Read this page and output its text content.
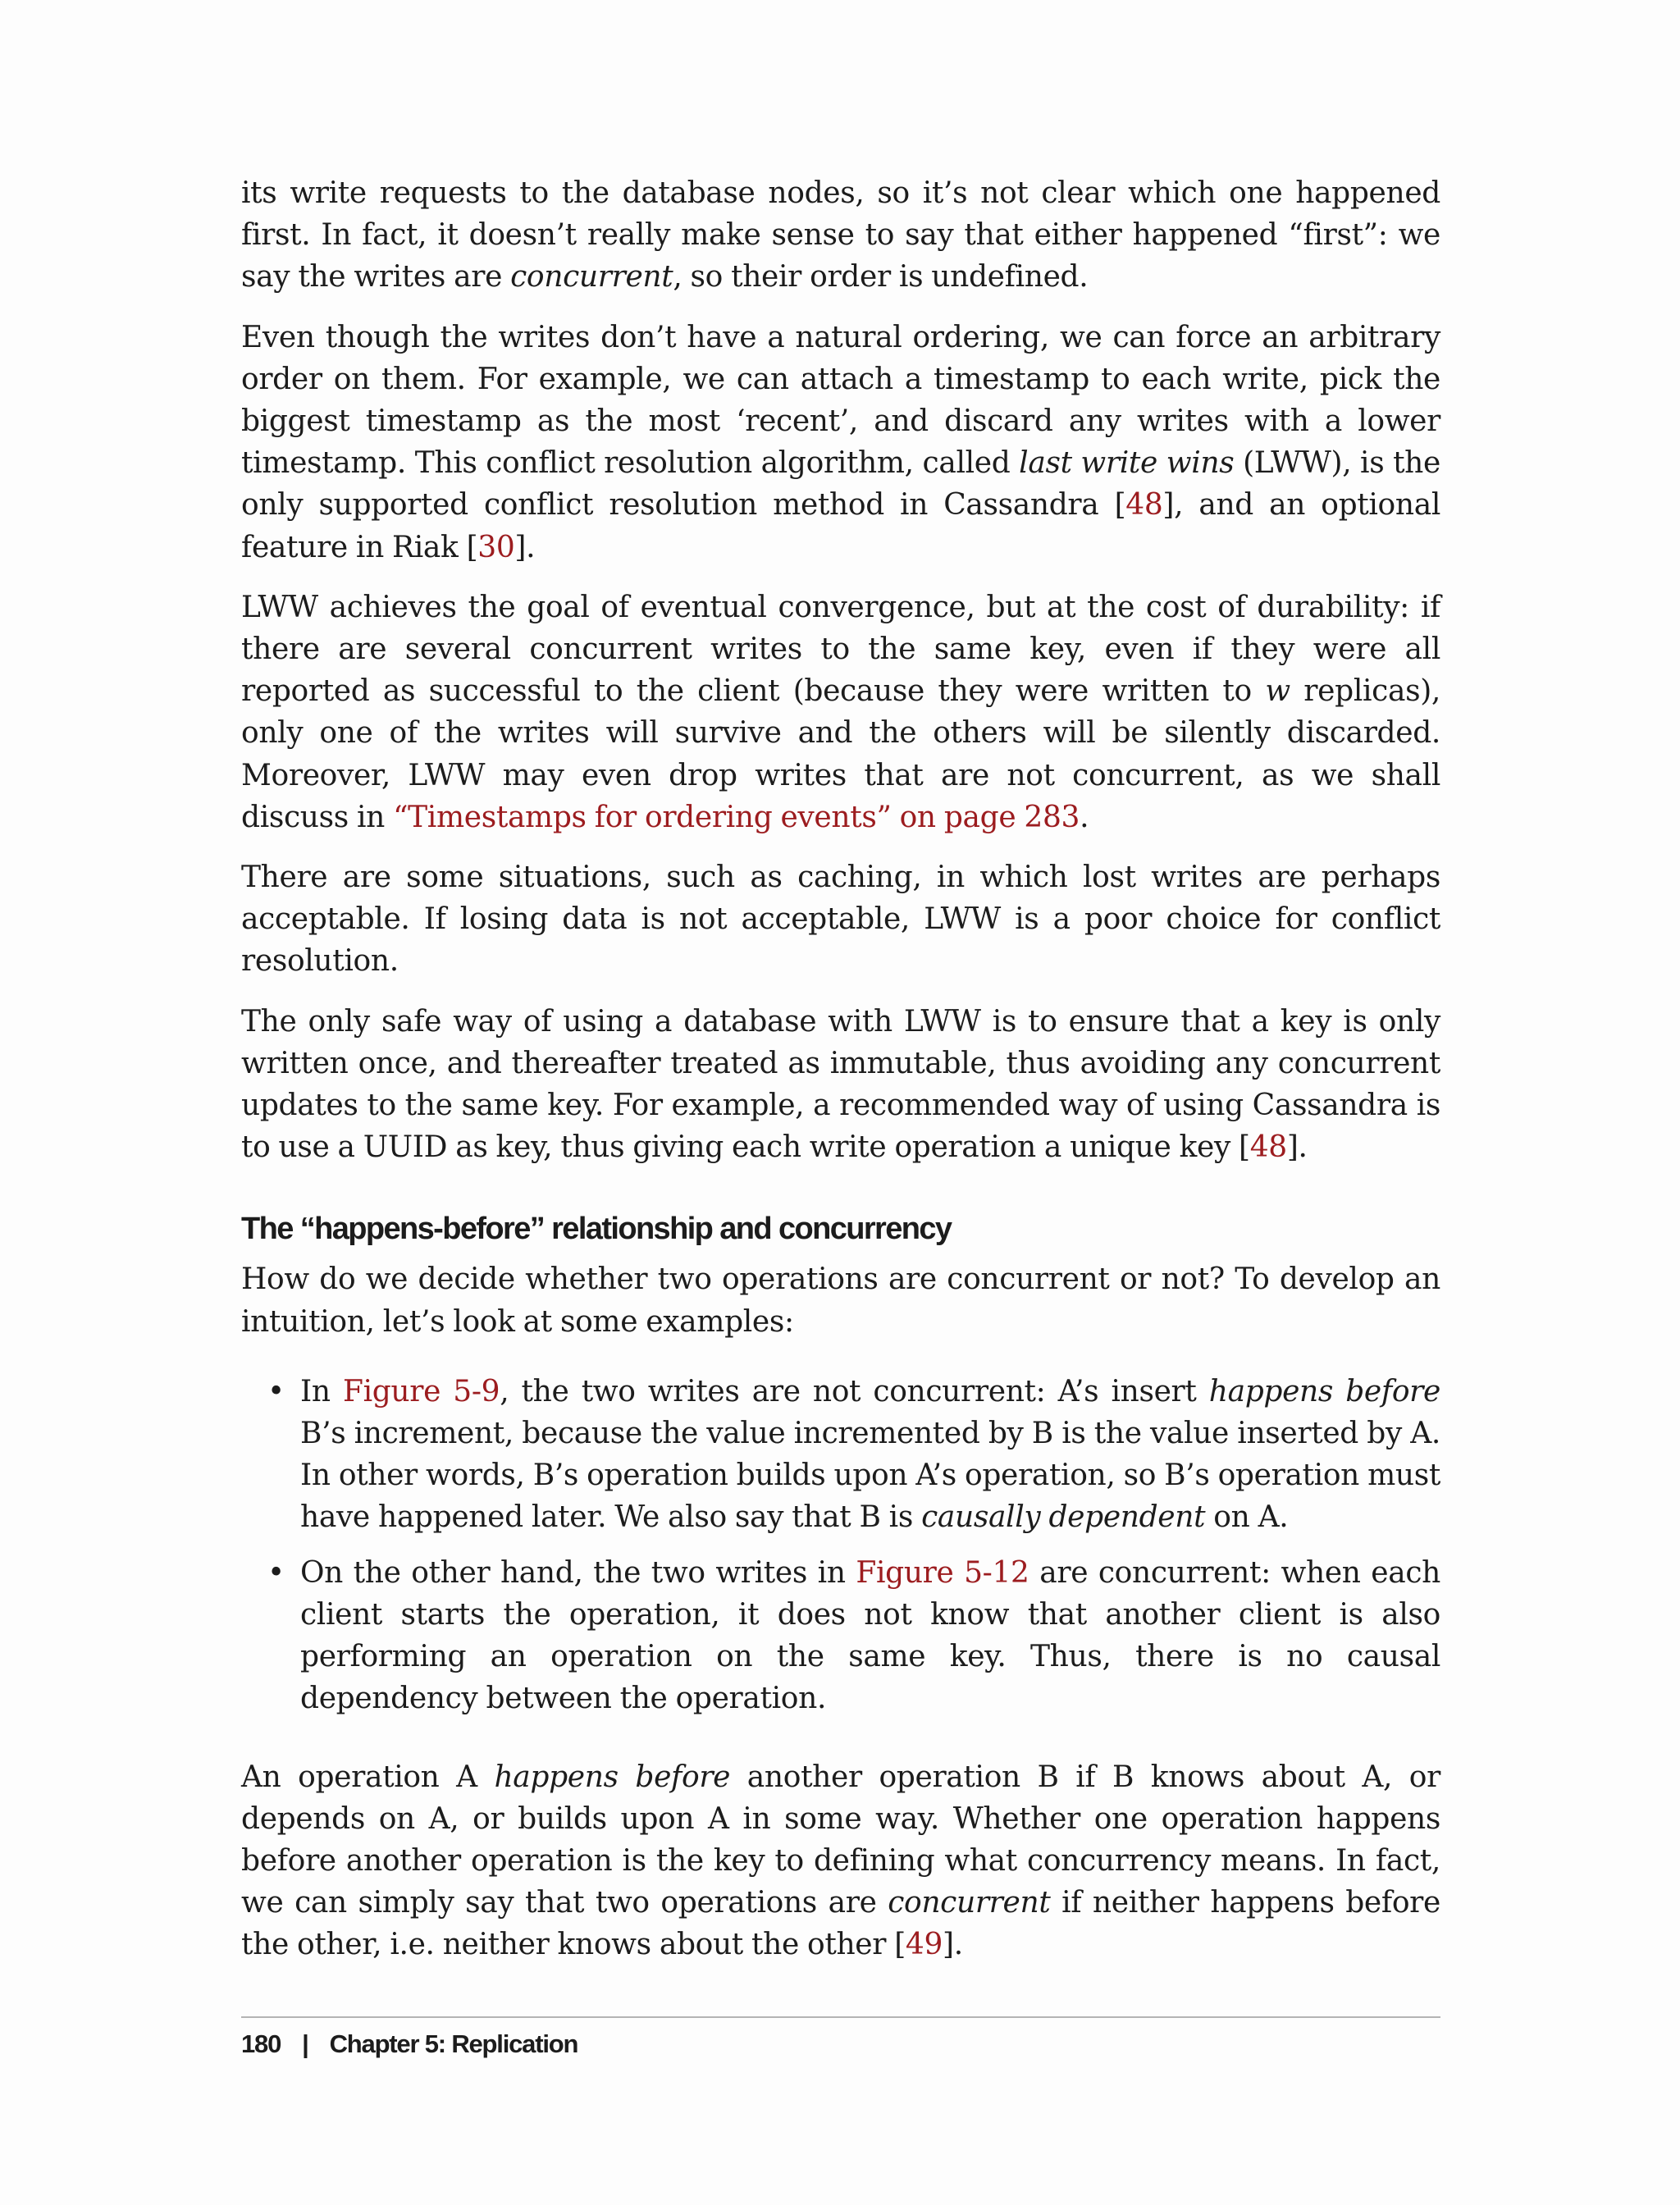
its write requests to the database nodes, so it’s not clear which one happened first. In fact, it doesn’t really make sense to say that either happened “first”: we say the writes are concurrent, so their order is undefined.

Even though the writes don’t have a natural ordering, we can force an arbitrary order on them. For example, we can attach a timestamp to each write, pick the biggest timestamp as the most ‘recent’, and discard any writes with a lower timestamp. This conflict resolution algorithm, called last write wins (LWW), is the only supported conflict resolution method in Cassandra [48], and an optional feature in Riak [30].

LWW achieves the goal of eventual convergence, but at the cost of durability: if there are several concurrent writes to the same key, even if they were all reported as successful to the client (because they were written to w replicas), only one of the writes will survive and the others will be silently discarded. Moreover, LWW may even drop writes that are not concurrent, as we shall discuss in “Timestamps for ordering events” on page 283.

There are some situations, such as caching, in which lost writes are perhaps acceptable. If losing data is not acceptable, LWW is a poor choice for conflict resolution.

The only safe way of using a database with LWW is to ensure that a key is only written once, and thereafter treated as immutable, thus avoiding any concurrent updates to the same key. For example, a recommended way of using Cassandra is to use a UUID as key, thus giving each write operation a unique key [48].

The “happens-before” relationship and concurrency

How do we decide whether two operations are concurrent or not? To develop an intuition, let’s look at some examples:

• In Figure 5-9, the two writes are not concurrent: A’s insert happens before B’s increment, because the value incremented by B is the value inserted by A. In other words, B’s operation builds upon A’s operation, so B’s operation must have happened later. We also say that B is causally dependent on A.

• On the other hand, the two writes in Figure 5-12 are concurrent: when each client starts the operation, it does not know that another client is also performing an operation on the same key. Thus, there is no causal dependency between the operation.

An operation A happens before another operation B if B knows about A, or depends on A, or builds upon A in some way. Whether one operation happens before another operation is the key to defining what concurrency means. In fact, we can simply say that two operations are concurrent if neither happens before the other, i.e. neither knows about the other [49].

180 | Chapter 5: Replication
